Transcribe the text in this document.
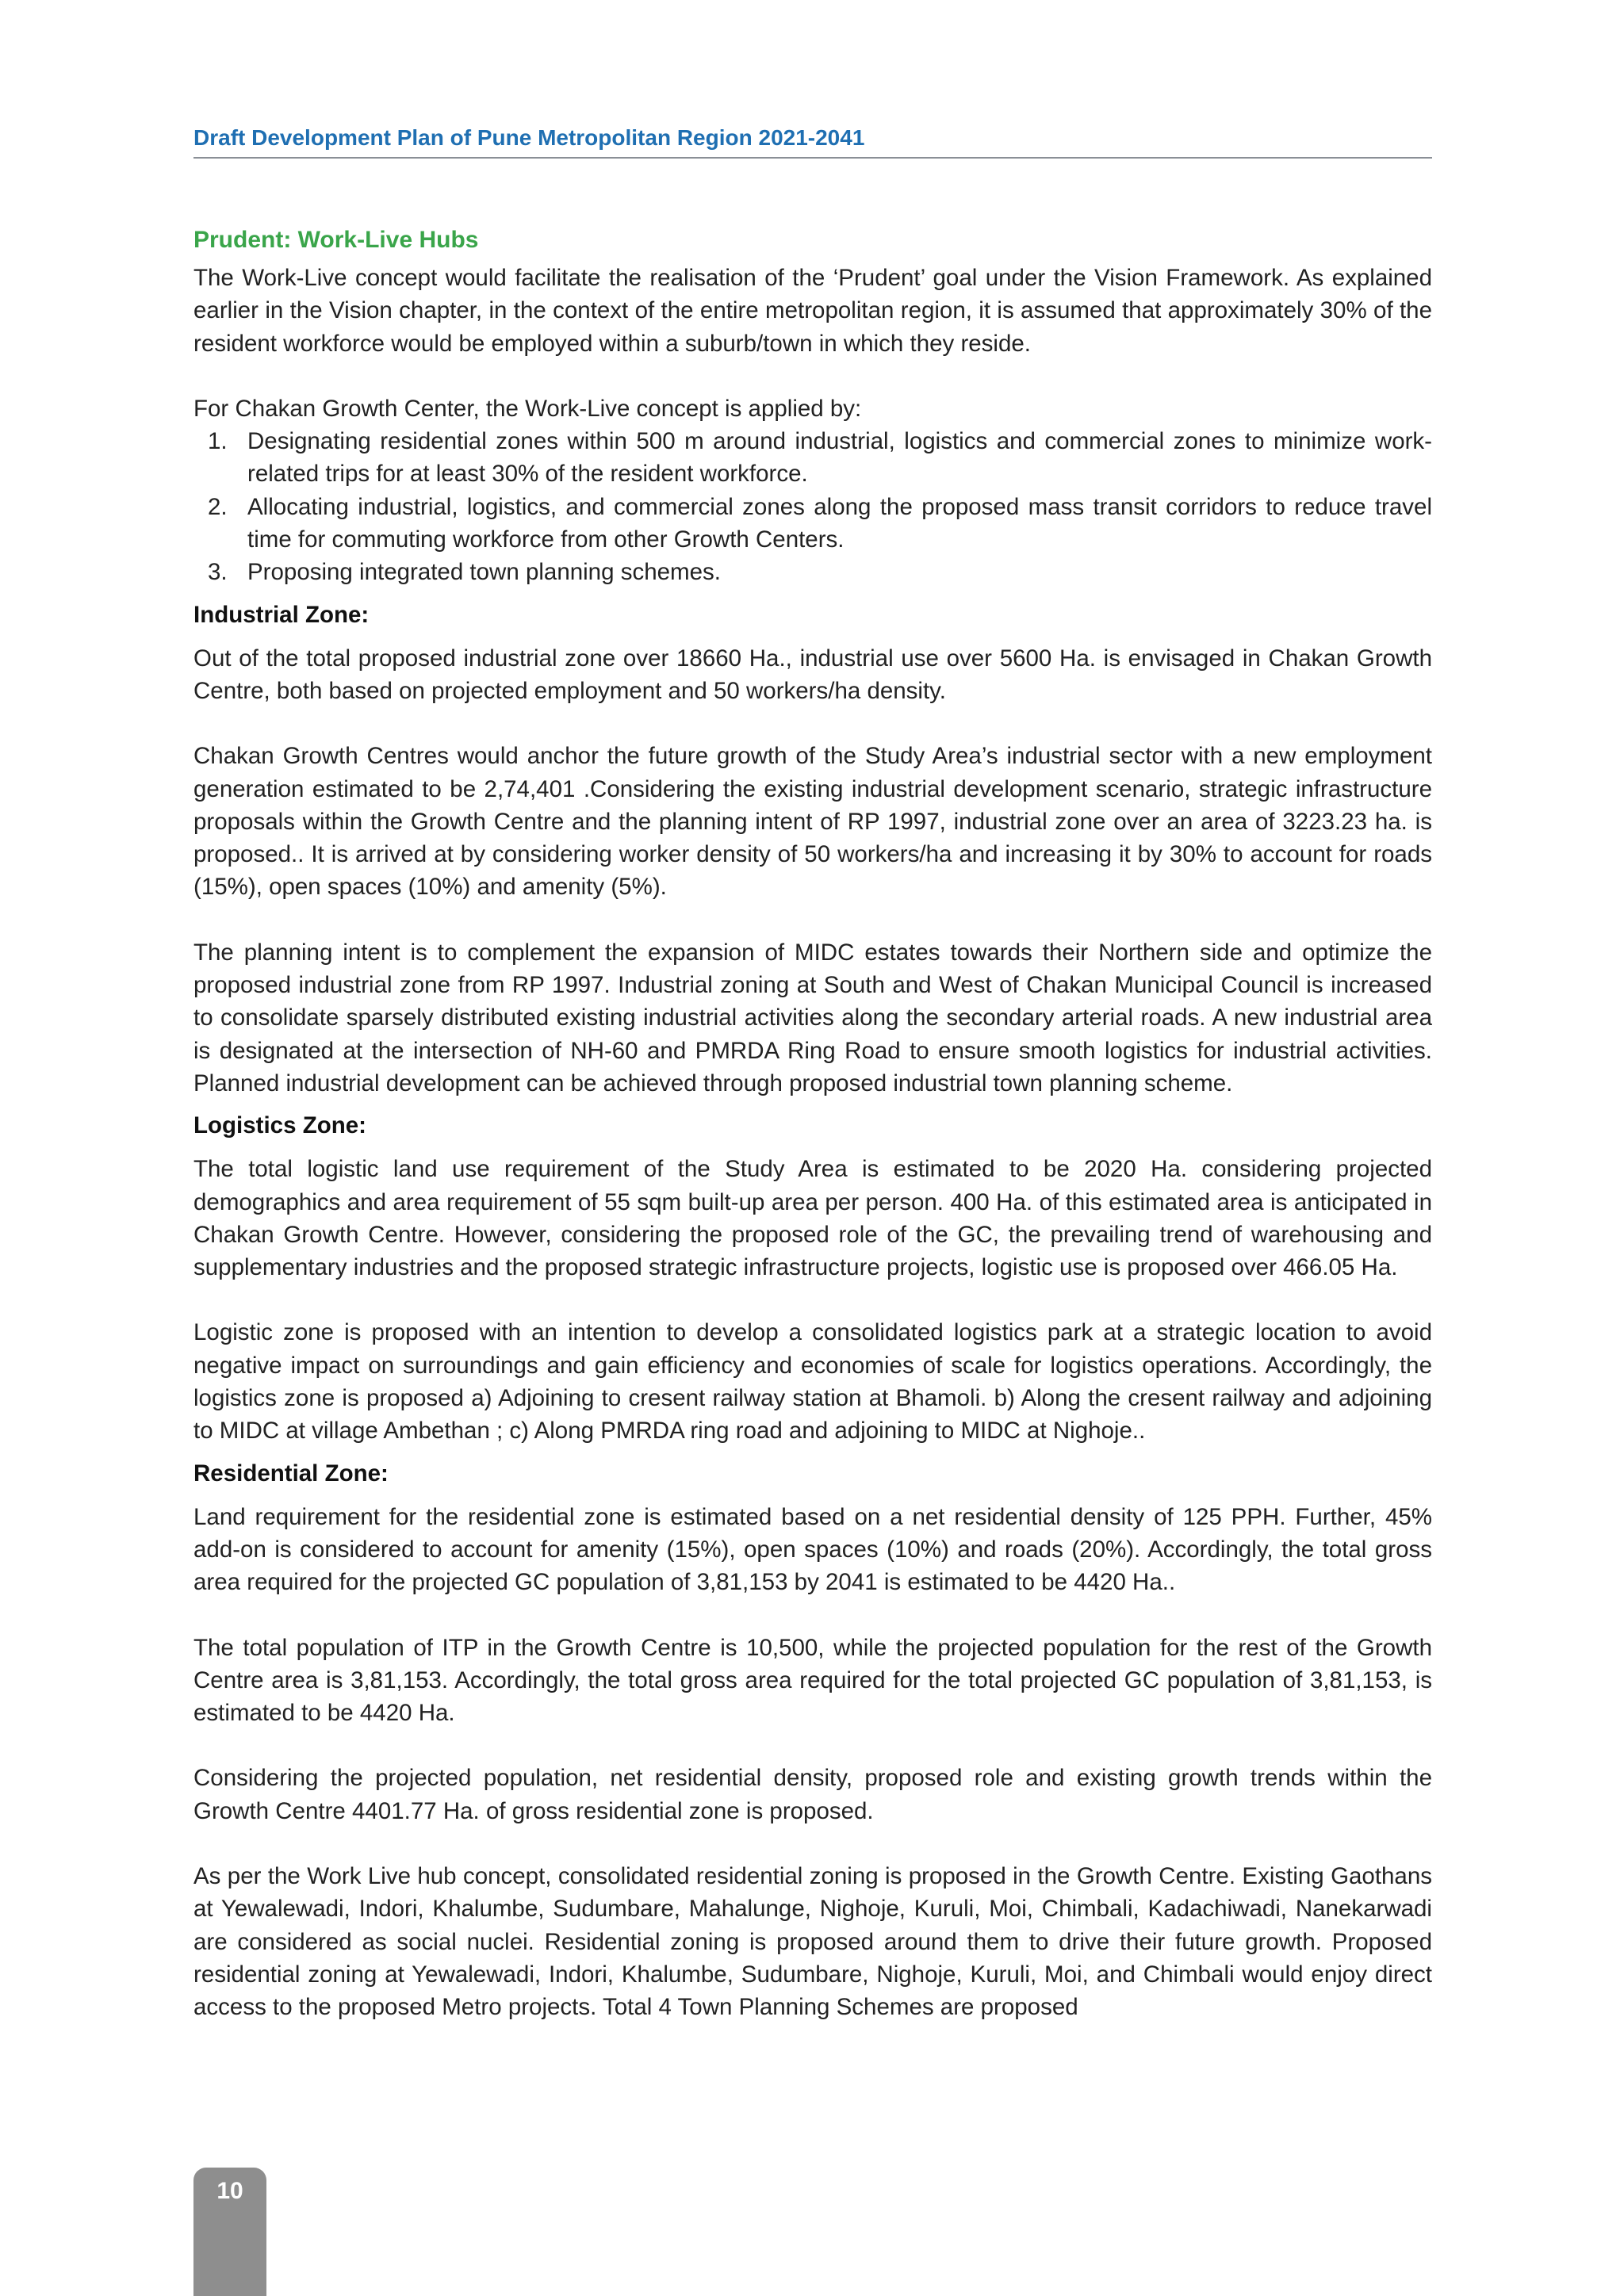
Draft Development Plan of Pune Metropolitan Region 2021-2041
Prudent: Work-Live Hubs

The Work-Live concept would facilitate the realisation of the ‘Prudent’ goal under the Vision Framework. As explained earlier in the Vision chapter, in the context of the entire metropolitan region, it is assumed that approximately 30% of the resident workforce would be employed within a suburb/town in which they reside.

For Chakan Growth Center, the Work-Live concept is applied by:

1. Designating residential zones within 500 m around industrial, logistics and commercial zones to minimize work-related trips for at least 30% of the resident workforce.
2. Allocating industrial, logistics, and commercial zones along the proposed mass transit corridors to reduce travel time for commuting workforce from other Growth Centers.
3. Proposing integrated town planning schemes.
Industrial Zone:

Out of the total proposed industrial zone over 18660 Ha., industrial use over 5600 Ha. is envisaged in Chakan Growth Centre, both based on projected employment and 50 workers/ha density.

Chakan Growth Centres would anchor the future growth of the Study Area’s industrial sector with a new employment generation estimated to be 2,74,401 .Considering the existing industrial development scenario, strategic infrastructure proposals within the Growth Centre and the planning intent of RP 1997, industrial zone over an area of 3223.23 ha. is proposed.. It is arrived at by considering worker density of 50 workers/ha and increasing it by 30% to account for roads (15%), open spaces (10%) and amenity (5%).

The planning intent is to complement the expansion of MIDC estates towards their Northern side and optimize the proposed industrial zone from RP 1997. Industrial zoning at South and West of Chakan Municipal Council is increased to consolidate sparsely distributed existing industrial activities along the secondary arterial roads. A new industrial area is designated at the intersection of NH-60 and PMRDA Ring Road to ensure smooth logistics for industrial activities. Planned industrial development can be achieved through proposed industrial town planning scheme.

Logistics Zone:

The total logistic land use requirement of the Study Area is estimated to be 2020 Ha. considering projected demographics and area requirement of 55 sqm built-up area per person. 400 Ha. of this estimated area is anticipated in Chakan Growth Centre. However, considering the proposed role of the GC, the prevailing trend of warehousing and supplementary industries and the proposed strategic infrastructure projects, logistic use is proposed over 466.05 Ha.

Logistic zone is proposed with an intention to develop a consolidated logistics park at a strategic location to avoid negative impact on surroundings and gain efficiency and economies of scale for logistics operations. Accordingly, the logistics zone is proposed a) Adjoining to cresent railway station at Bhamoli. b) Along the cresent railway and adjoining to MIDC at village Ambethan ; c) Along PMRDA ring road and adjoining to MIDC at Nighoje..

Residential Zone:

Land requirement for the residential zone is estimated based on a net residential density of 125 PPH. Further, 45% add-on is considered to account for amenity (15%), open spaces (10%) and roads (20%). Accordingly, the total gross area required for the projected GC population of 3,81,153 by 2041 is estimated to be 4420 Ha..

The total population of ITP in the Growth Centre is 10,500, while the projected population for the rest of the Growth Centre area is 3,81,153. Accordingly, the total gross area required for the total projected GC population of 3,81,153, is estimated to be 4420 Ha.

Considering the projected population, net residential density, proposed role and existing growth trends within the Growth Centre 4401.77 Ha. of gross residential zone is proposed.

As per the Work Live hub concept, consolidated residential zoning is proposed in the Growth Centre. Existing Gaothans at Yewalewadi, Indori, Khalumbe, Sudumbare, Mahalunge, Nighoje, Kuruli, Moi, Chimbali, Kadachiwadi, Nanekarwadi are considered as social nuclei. Residential zoning is proposed around them to drive their future growth. Proposed residential zoning at Yewalewadi, Indori, Khalumbe, Sudumbare, Nighoje, Kuruli, Moi, and Chimbali would enjoy direct access to the proposed Metro projects. Total 4 Town Planning Schemes are proposed

10
